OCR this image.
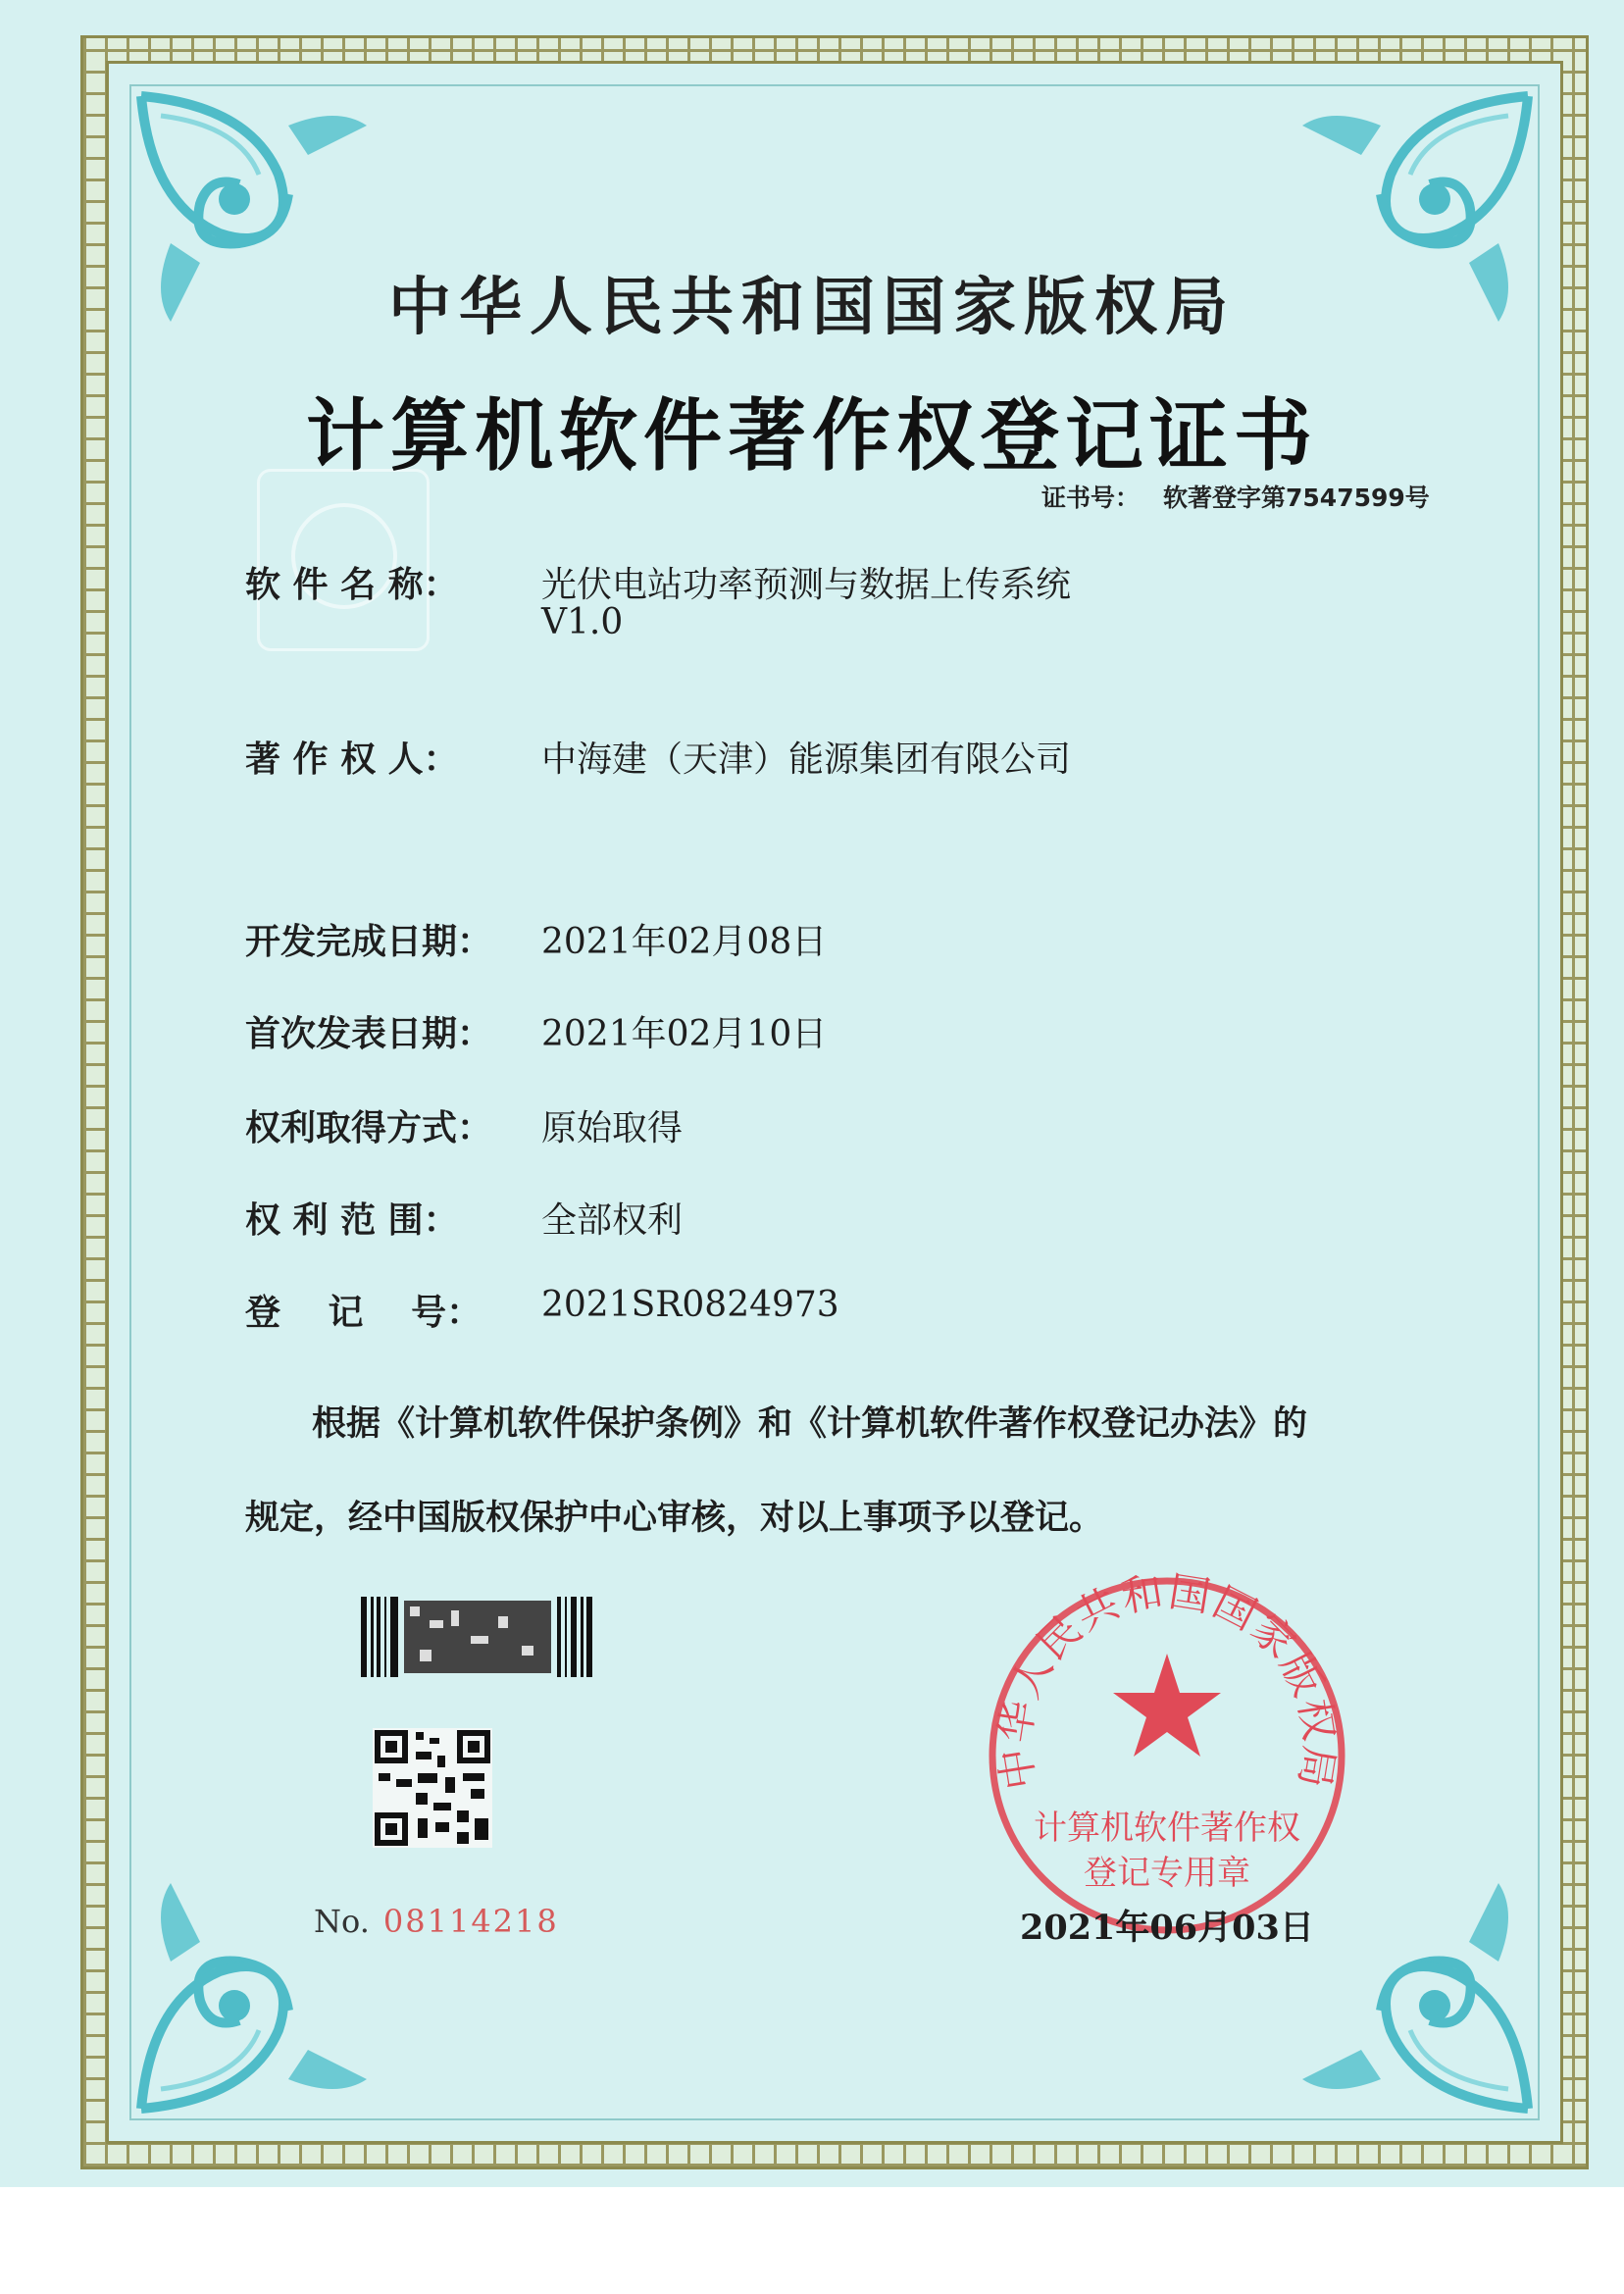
中华人民共和国国家版权局
计算机软件著作权登记证书
证书号： 软著登字第7547599号
软 件 名 称：	光伏电站功率预测与数据上传系统
V1.0
著 作 权 人：	中海建（天津）能源集团有限公司
开发完成日期：	2021年02月08日
首次发表日期：	2021年02月10日
权利取得方式：	原始取得
权 利 范 围：	全部权利
登　 记　 号：	2021SR0824973
根据《计算机软件保护条例》和《计算机软件著作权登记办法》的
规定，经中国版权保护中心审核，对以上事项予以登记。
No. 08114218
中华人民共和国国家版权局
计算机软件著作权
登记专用章
2021年06月03日
